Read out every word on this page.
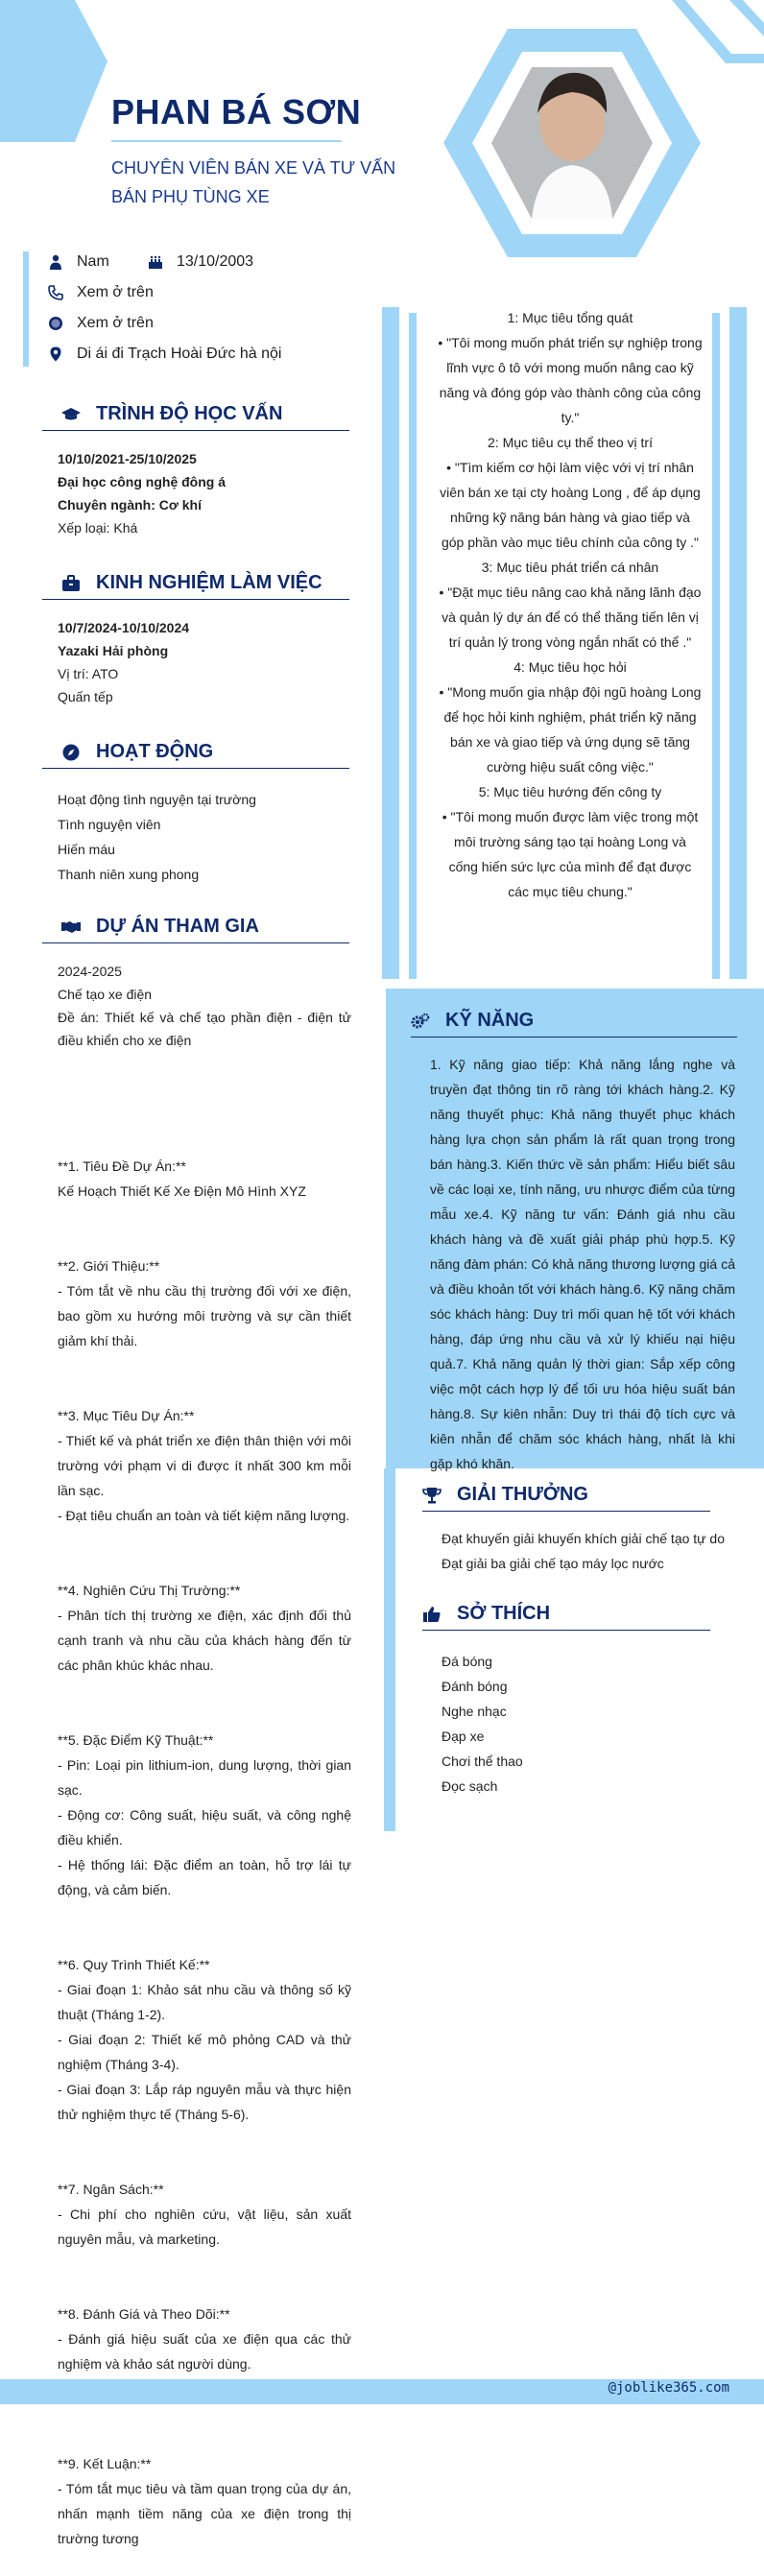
PHAN BÁ SƠN
CHUYÊN VIÊN BÁN XE VÀ TƯ VẤN BÁN PHỤ TÙNG XE
Nam	13/10/2003
Xem ở trên
Xem ở trên
Di ái đi Trạch Hoài Đức hà nội
TRÌNH ĐỘ HỌC VẤN
10/10/2021-25/10/2025
Đại học công nghệ đông á
Chuyên ngành: Cơ khí
Xếp loại: Khá
KINH NGHIỆM LÀM VIỆC
10/7/2024-10/10/2024
Yazaki Hải phòng
Vị trí: ATO
Quấn tếp
HOẠT ĐỘNG
Hoạt động tình nguyện tại trường
Tình nguyện viên
Hiến máu
Thanh niên xung phong
DỰ ÁN THAM GIA
2024-2025
Chế tạo xe điện
Đề án: Thiết kế và chế tạo phần điện - điện tử điều khiển cho xe điện

**1. Tiêu Đề Dự Án:**
Kế Hoạch Thiết Kế Xe Điện Mô Hình XYZ

**2. Giới Thiệu:**
- Tóm tắt về nhu cầu thị trường đối với xe điện, bao gồm xu hướng môi trường và sự cần thiết giảm khí thải.

**3. Mục Tiêu Dự Án:**
- Thiết kế và phát triển xe điện thân thiện với môi trường với phạm vi di được ít nhất 300 km mỗi lần sạc.
- Đạt tiêu chuẩn an toàn và tiết kiệm năng lượng.

**4. Nghiên Cứu Thị Trường:**
- Phân tích thị trường xe điện, xác định đối thủ cạnh tranh và nhu cầu của khách hàng đến từ các phân khúc khác nhau.

**5. Đặc Điểm Kỹ Thuật:**
- Pin: Loại pin lithium-ion, dung lượng, thời gian sạc.
- Động cơ: Công suất, hiệu suất, và công nghệ điều khiển.
- Hệ thống lái: Đặc điểm an toàn, hỗ trợ lái tự động, và cảm biến.

**6. Quy Trình Thiết Kế:**
- Giai đoạn 1: Khảo sát nhu cầu và thông số kỹ thuật (Tháng 1-2).
- Giai đoạn 2: Thiết kế mô phỏng CAD và thử nghiệm (Tháng 3-4).
- Giai đoạn 3: Lắp ráp nguyên mẫu và thực hiện thử nghiệm thực tế (Tháng 5-6).

**7. Ngân Sách:**
- Chi phí cho nghiên cứu, vật liệu, sản xuất nguyên mẫu, và marketing.

**8. Đánh Giá và Theo Dõi:**
- Đánh giá hiệu suất của xe điện qua các thử nghiệm và khảo sát người dùng.

**9. Kết Luận:**
- Tóm tắt mục tiêu và tầm quan trọng của dự án, nhấn mạnh tiềm năng của xe điện trong thị trường tương

1: Mục tiêu tổng quát
• "Tôi mong muốn phát triển sự nghiệp trong lĩnh vực ô tô với mong muốn nâng cao kỹ năng và đóng góp vào thành công của công ty."
2: Mục tiêu cụ thể theo vị trí
• "Tìm kiếm cơ hội làm việc với vị trí nhân viên bán xe tại cty hoàng Long , để áp dụng những kỹ năng bán hàng và giao tiếp và góp phần vào mục tiêu chính của công ty ."
3: Mục tiêu phát triển cá nhân
• "Đặt mục tiêu nâng cao khả năng lãnh đạo và quản lý dự án để có thể thăng tiến lên vị trí quản lý trong vòng ngắn nhất có thể ."
4: Mục tiêu học hỏi
• "Mong muốn gia nhập đội ngũ hoàng Long để học hỏi kinh nghiệm, phát triển kỹ năng bán xe và giao tiếp và ứng dụng sẽ tăng cường hiệu suất công việc."
5: Mục tiêu hướng đến công ty
• "Tôi mong muốn được làm việc trong một môi trường sáng tạo tại hoàng Long và cống hiến sức lực của mình để đạt được các mục tiêu chung."
KỸ NĂNG
1. Kỹ năng giao tiếp: Khả năng lắng nghe và truyền đạt thông tin rõ ràng tới khách hàng.2. Kỹ năng thuyết phục: Khả năng thuyết phục khách hàng lựa chọn sản phẩm là rất quan trọng trong bán hàng.3. Kiến thức về sản phẩm: Hiểu biết sâu về các loại xe, tính năng, ưu nhược điểm của từng mẫu xe.4. Kỹ năng tư vấn: Đánh giá nhu cầu khách hàng và đề xuất giải pháp phù hợp.5. Kỹ năng đàm phán: Có khả năng thương lượng giá cả và điều khoản tốt với khách hàng.6. Kỹ năng chăm sóc khách hàng: Duy trì mối quan hệ tốt với khách hàng, đáp ứng nhu cầu và xử lý khiếu nại hiệu quả.7. Khả năng quản lý thời gian: Sắp xếp công việc một cách hợp lý để tối ưu hóa hiệu suất bán hàng.8. Sự kiên nhẫn: Duy trì thái độ tích cực và kiên nhẫn để chăm sóc khách hàng, nhất là khi gặp khó khăn.
GIẢI THƯỞNG
Đạt khuyến giải khuyến khích giải chế tạo tự do
Đạt giải ba giải chế tạo máy lọc nước
SỞ THÍCH
Đá bóng
Đánh bóng
Nghe nhạc
Đạp xe
Chơi thể thao
Đọc sạch
@joblike365.com
